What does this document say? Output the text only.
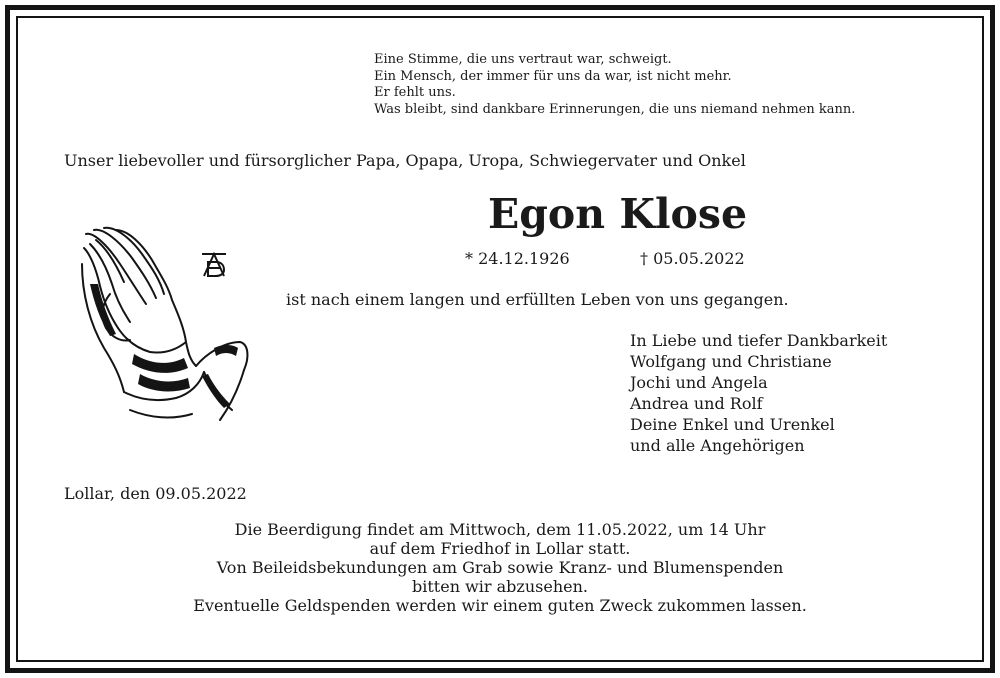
Eine Stimme, die uns vertraut war, schweigt.
Ein Mensch, der immer für uns da war, ist nicht mehr.
Er fehlt uns.
Was bleibt, sind dankbare Erinnerungen, die uns niemand nehmen kann.
Unser liebevoller und fürsorglicher Papa, Opapa, Uropa, Schwiegervater und Onkel
Egon Klose
* 24.12.1926	† 05.05.2022
ist nach einem langen und erfüllten Leben von uns gegangen.
In Liebe und tiefer Dankbarkeit
Wolfgang und Christiane
Jochi und Angela
Andrea und Rolf
Deine Enkel und Urenkel
und alle Angehörigen
Lollar, den 09.05.2022
Die Beerdigung findet am Mittwoch, dem 11.05.2022, um 14 Uhr
auf dem Friedhof in Lollar statt.
Von Beileidsbekundungen am Grab sowie Kranz- und Blumenspenden
bitten wir abzusehen.
Eventuelle Geldspenden werden wir einem guten Zweck zukommen lassen.
